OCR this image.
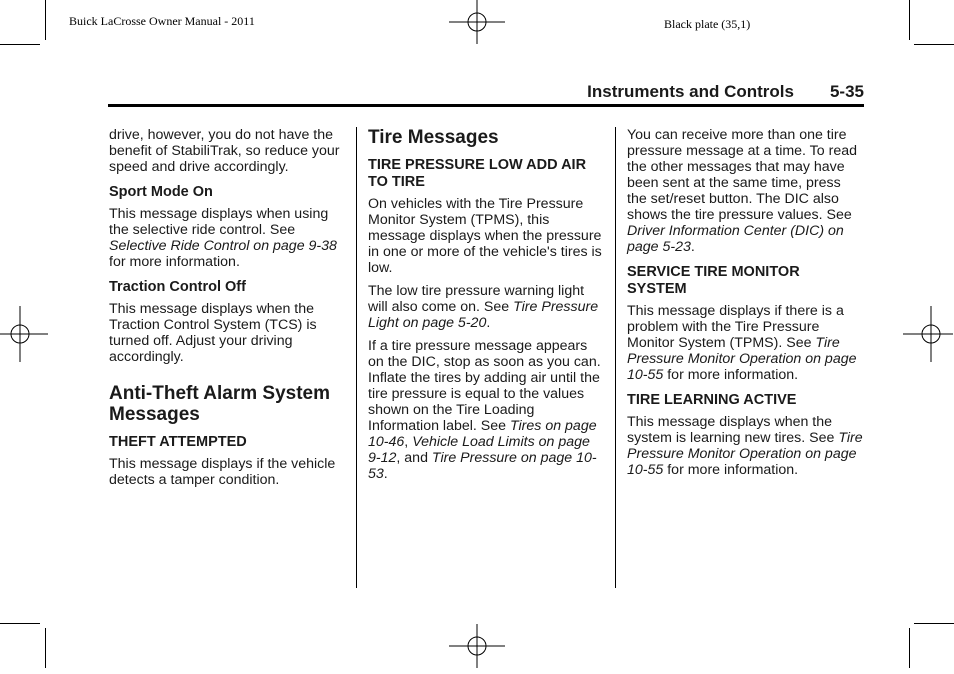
Buick LaCrosse Owner Manual - 2011	Black plate (35,1)
Instruments and Controls 5-35

drive, however, you do not have the benefit of StabiliTrak, so reduce your speed and drive accordingly.

Sport Mode On

This message displays when using the selective ride control. See Selective Ride Control on page 9-38 for more information.

Traction Control Off

This message displays when the Traction Control System (TCS) is turned off. Adjust your driving accordingly.

Anti-Theft Alarm System Messages
THEFT ATTEMPTED

This message displays if the vehicle detects a tamper condition.

Tire Messages
TIRE PRESSURE LOW ADD AIR TO TIRE

On vehicles with the Tire Pressure Monitor System (TPMS), this message displays when the pressure in one or more of the vehicle's tires is low.

The low tire pressure warning light will also come on. See Tire Pressure Light on page 5-20.

If a tire pressure message appears on the DIC, stop as soon as you can. Inflate the tires by adding air until the tire pressure is equal to the values shown on the Tire Loading Information label. See Tires on page 10-46, Vehicle Load Limits on page 9-12, and Tire Pressure on page 10-53.

You can receive more than one tire pressure message at a time. To read the other messages that may have been sent at the same time, press the set/reset button. The DIC also shows the tire pressure values. See Driver Information Center (DIC) on page 5-23.

SERVICE TIRE MONITOR SYSTEM

This message displays if there is a problem with the Tire Pressure Monitor System (TPMS). See Tire Pressure Monitor Operation on page 10-55 for more information.

TIRE LEARNING ACTIVE

This message displays when the system is learning new tires. See Tire Pressure Monitor Operation on page 10-55 for more information.
